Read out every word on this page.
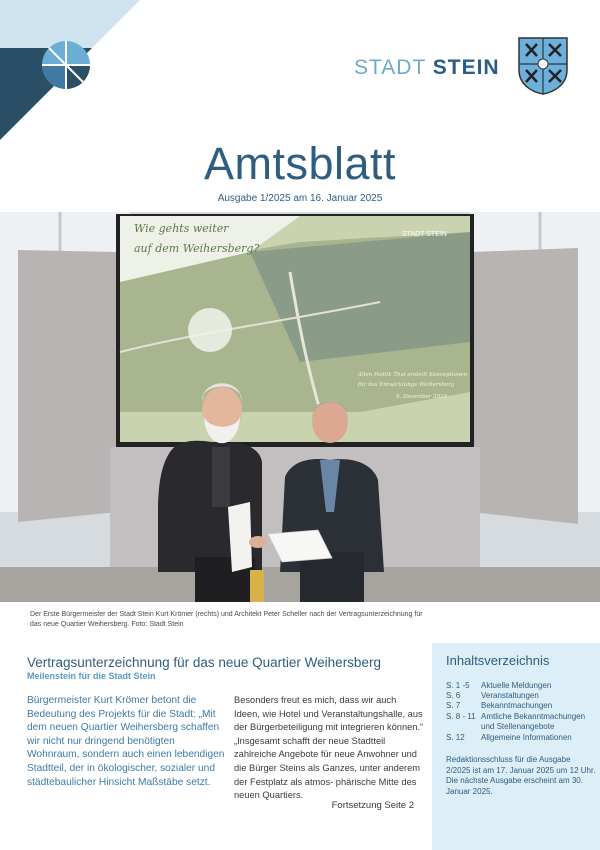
STADT STEIN
Amtsblatt
Ausgabe 1/2025 am 16. Januar 2025
Wie gehts weiter
auf dem Weihersberg?
STADT STEIN
Allen Politik Thai erstellt Konzeptionen
für das Entwicklungs Weihersberg
9. Dezember 2024
Der Erste Bürgermeister der Stadt Stein Kurt Krömer (rechts) und Architekt Peter Scheller nach der Vertragsunterzeichnung für das neue Quartier Weihersberg. Foto: Stadt Stein
Vertragsunterzeichnung für das neue Quartier Weihersberg
Meilenstein für die Stadt Stein
Bürgermeister Kurt Krömer betont die Bedeutung des Projekts für die Stadt: „Mit dem neuen Quartier Weihersberg schaffen wir nicht nur dringend benötigten Wohnraum, sondern auch einen lebendigen Stadtteil, der in ökologischer, sozialer und städtebaulicher Hinsicht Maßstäbe setzt.
Besonders freut es mich, dass wir auch Ideen, wie Hotel und Veranstaltungshalle, aus der Bürgerbeteiligung mit integrieren können.“ „Insgesamt schafft der neue Stadtteil zahlreiche Angebote für neue Anwohner und die Bürger Steins als Ganzes, unter anderem der Festplatz als atmos- phärische Mitte des neuen Quartiers.
Fortsetzung Seite 2
Inhaltsverzeichnis
S. 1 -5	Aktuelle Meldungen
S. 6	Veranstaltungen
S. 7	Bekanntmachungen
S. 8 - 11 Amtliche Bekanntmachungen und Stellenangebote
S. 12	Allgemeine Informationen
Redaktionsschluss für die Ausgabe 2/2025 ist am 17. Januar 2025 um 12 Uhr. Die nächste Ausgabe erscheint am 30. Januar 2025.
